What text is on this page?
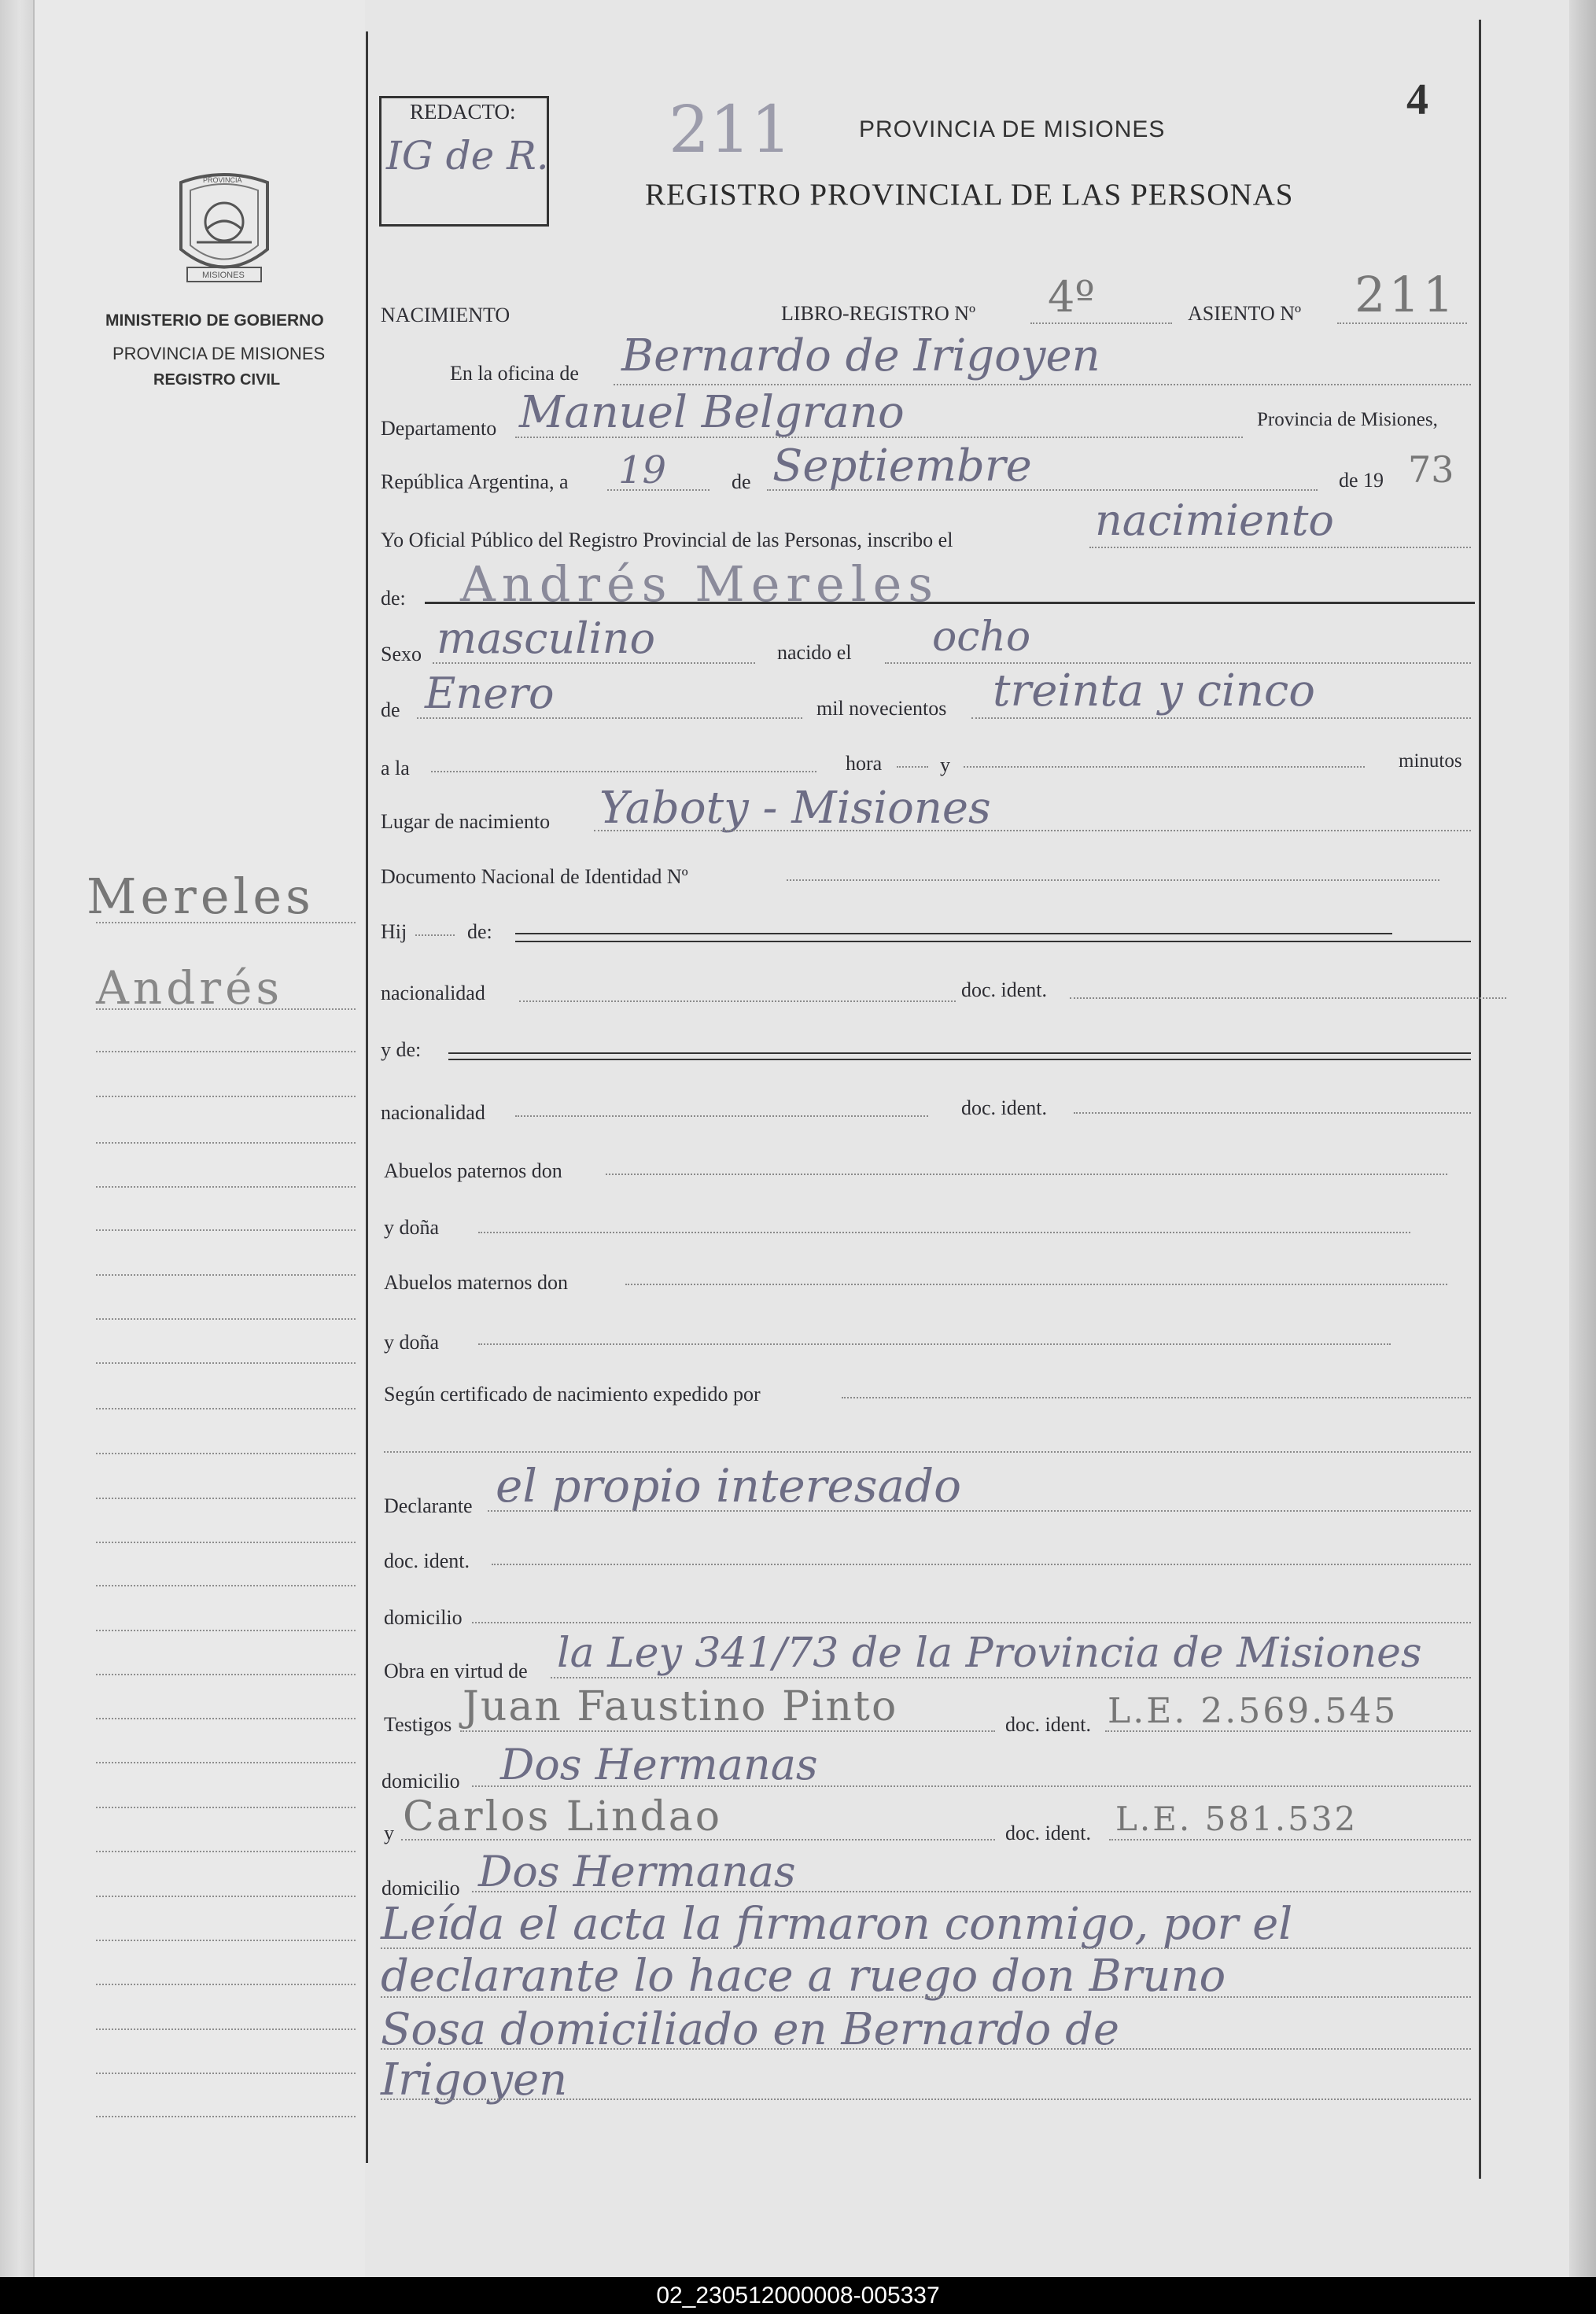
REDACTO:
IG de R. 211	PROVINCIA DE MISIONES
REGISTRO PROVINCIAL DE LAS PERSONAS
4
PROVINCIA
MISIONES
MINISTERIO DE GOBIERNO
PROVINCIA DE MISIONES
REGISTRO CIVIL
Mereles
Andrés
NACIMIENTO	LIBRO-REGISTRO Nº 4º	ASIENTO Nº 211
En la oficina de Bernardo de Irigoyen
Departamento Manuel Belgrano	Provincia de Misiones,
República Argentina, a 19	de Septiembre	de 19 73
Yo Oficial Público del Registro Provincial de las Personas, inscribo el	nacimiento
de: Andrés Mereles
Sexo masculino	nacido el ocho
de Enero	mil novecientos treinta y cinco
a la	hora	y	minutos
Lugar de nacimiento Yaboty - Misiones
Documento Nacional de Identidad Nº
Hij	de:
nacionalidad	doc. ident.
y de:
nacionalidad	doc. ident.
Abuelos paternos don
y doña
Abuelos maternos don
y doña
Según certificado de nacimiento expedido por
Declarante el propio interesado
doc. ident.
domicilio
Obra en virtud de la Ley 341/73 de la Provincia de Misiones
Testigos Juan Faustino Pinto	doc. ident. L.E. 2.569.545
domicilio Dos Hermanas
y Carlos Lindao	doc. ident. L.E. 581.532
domicilio Dos Hermanas
Leída el acta la firmaron conmigo, por el
declarante lo hace a ruego don Bruno
Sosa domiciliado en Bernardo de
Irigoyen
02_230512000008-005337
